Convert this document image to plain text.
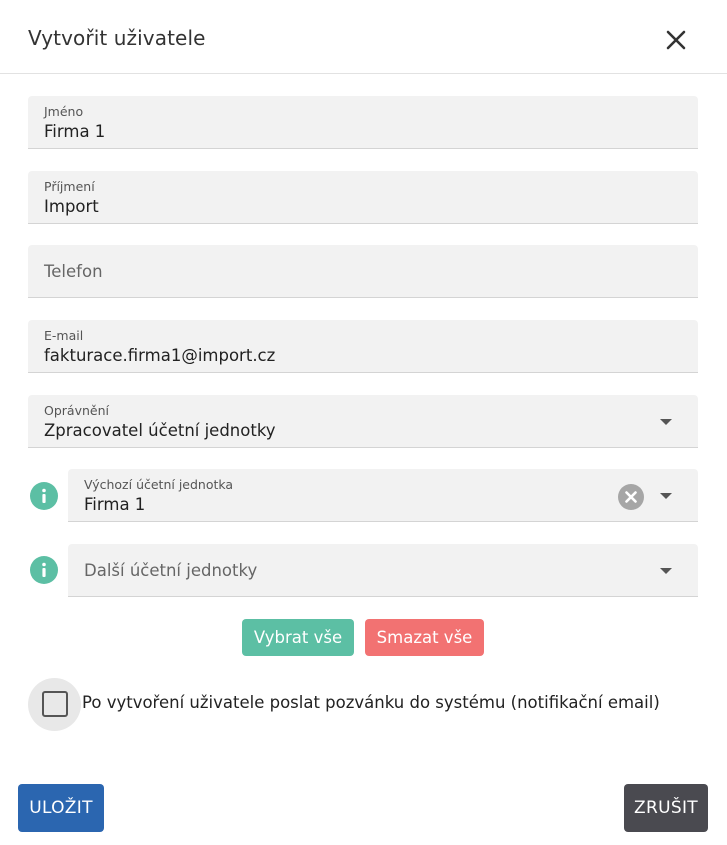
Vytvořit uživatele
Jméno
Firma 1
Příjmení
Import
Telefon
E-mail
fakturace.firma1@import.cz
Oprávnění
Zpracovatel účetní jednotky
Výchozí účetní jednotka
Firma 1
Další účetní jednotky
Vybrat vše	Smazat vše
Po vytvoření uživatele poslat pozvánku do systému (notifikační email)
ULOŽIT	ZRUŠIT
